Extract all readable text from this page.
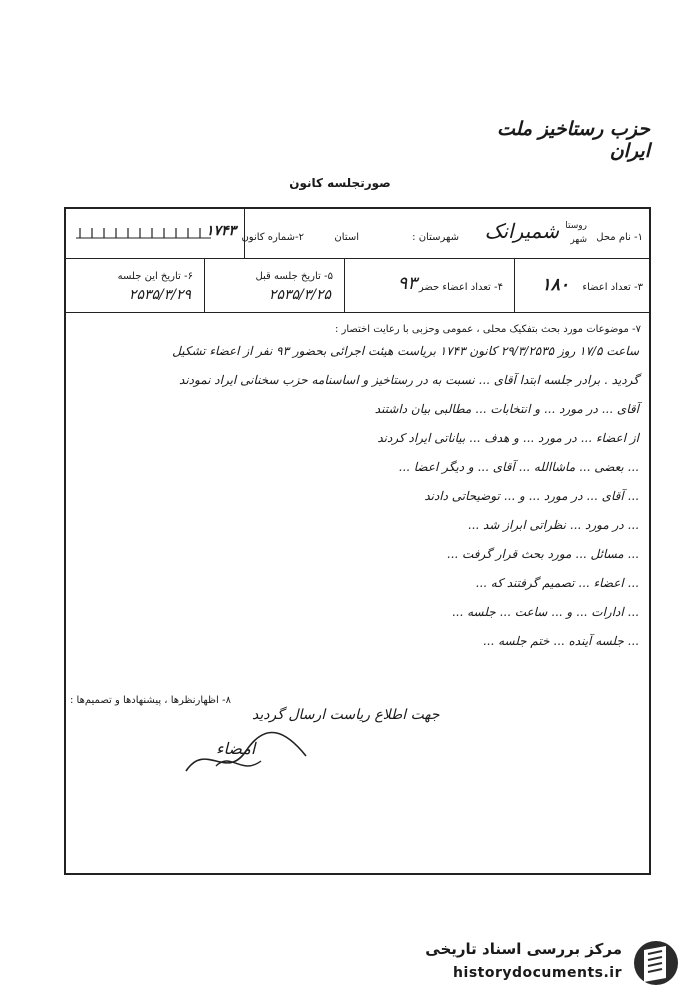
حزب رستاخیز ملت ایران
صورتجلسه کانون
۱- نام محل
روستا
شهر
شمیرانک
شهرستان :
استان
۲-شماره کانون
۱۷۴۳
۳- تعداد اعضاء
۱۸۰
۴- تعداد اعضاء حضر
۹۳
۵- تاریخ جلسه قبل
۲۵۳۵/۳/۲۵
۶- تاریخ این جلسه
۲۵۳۵/۳/۲۹
۷- موضوعات مورد بحث بتفکیک محلی ، عمومی وحزبی با رعایت اختصار :
ساعت ۱۷/۵ روز ۲۹/۳/۲۵۳۵ کانون ۱۷۴۳ بریاست هیئت اجرائی بحضور ۹۳ نفر از اعضاء تشکیل
گردید . برادر جلسه ابتدا آقای ... نسبت به در رستاخیز و اساسنامه حزب سخنانی ایراد نمودند
آقای ... در مورد ... و انتخابات ... مطالبی بیان داشتند
از اعضاء ... در مورد ... و هدف ... بیاناتی ایراد کردند
... بعضی ... ماشاالله ... آقای ... و دیگر اعضا ...
... آقای ... در مورد ... و ... توضیحاتی دادند
... در مورد ... نظراتی ابراز شد ...
... مسائل ... مورد بحث قرار گرفت ...
... اعضاء ... تصمیم گرفتند که ...
... ادارات ... و ... ساعت ... جلسه ...
... جلسه آینده ... ختم جلسه ...
۸- اظهارنظرها ، پیشنهادها و تصمیم‌ها :
جهت اطلاع ریاست ارسال گردید
امضاء
مرکز بررسی اسناد تاریخی
historydocuments.ir
